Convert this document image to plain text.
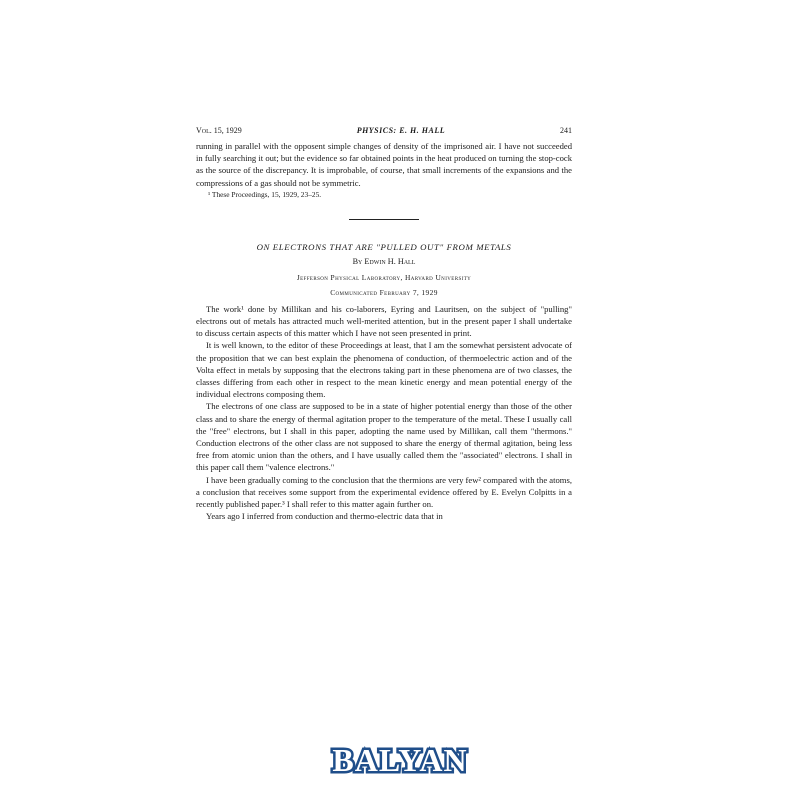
Vol. 15, 1929	PHYSICS: E. H. HALL	241

running in parallel with the opposent simple changes of density of the imprisoned air. I have not succeeded in fully searching it out; but the evidence so far obtained points in the heat produced on turning the stop-cock as the source of the discrepancy. It is improbable, of course, that small increments of the expansions and the compressions of a gas should not be symmetric.

¹ These Proceedings, 15, 1929, 23–25.

ON ELECTRONS THAT ARE "PULLED OUT" FROM METALS
By Edwin H. Hall
Jefferson Physical Laboratory, Harvard University
Communicated February 7, 1929

The work¹ done by Millikan and his co-laborers, Eyring and Lauritsen, on the subject of "pulling" electrons out of metals has attracted much well-merited attention, but in the present paper I shall undertake to discuss certain aspects of this matter which I have not seen presented in print.

It is well known, to the editor of these Proceedings at least, that I am the somewhat persistent advocate of the proposition that we can best explain the phenomena of conduction, of thermoelectric action and of the Volta effect in metals by supposing that the electrons taking part in these phenomena are of two classes, the classes differing from each other in respect to the mean kinetic energy and mean potential energy of the individual electrons composing them.

The electrons of one class are supposed to be in a state of higher potential energy than those of the other class and to share the energy of thermal agitation proper to the temperature of the metal. These I usually call the "free" electrons, but I shall in this paper, adopting the name used by Millikan, call them "thermons." Conduction electrons of the other class are not supposed to share the energy of thermal agitation, being less free from atomic union than the others, and I have usually called them the "associated" electrons. I shall in this paper call them "valence electrons."

I have been gradually coming to the conclusion that the thermions are very few² compared with the atoms, a conclusion that receives some support from the experimental evidence offered by E. Evelyn Colpitts in a recently published paper.³ I shall refer to this matter again further on.

Years ago I inferred from conduction and thermo-electric data that in

BALYAN
